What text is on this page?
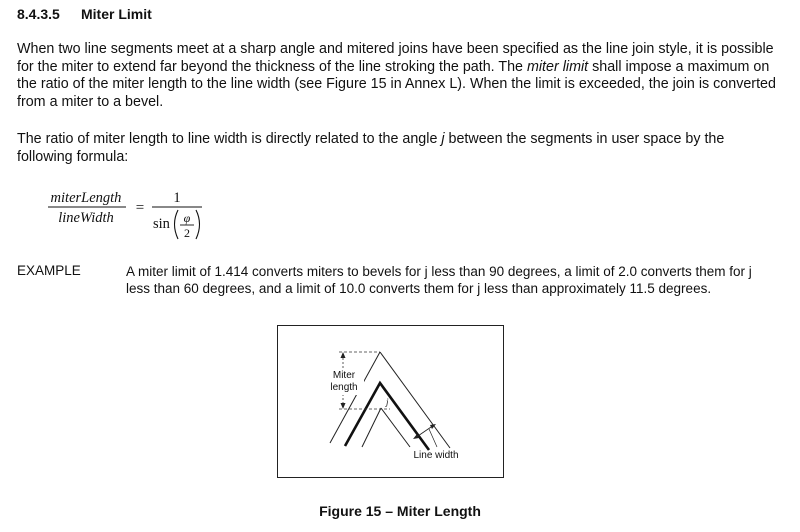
8.4.3.5 Miter Limit
When two line segments meet at a sharp angle and mitered joins have been specified as the line join style, it is possible for the miter to extend far beyond the thickness of the line stroking the path. The miter limit shall impose a maximum on the ratio of the miter length to the line width (see Figure 15 in Annex L). When the limit is exceeded, the join is converted from a miter to a bevel.
The ratio of miter length to line width is directly related to the angle j between the segments in user space by the following formula:
miterLength
lineWidth
=
1
sin φ
2
EXAMPLE	A miter limit of 1.414 converts miters to bevels for j less than 90 degrees, a limit of 2.0 converts them for j less than 60 degrees, and a limit of 10.0 converts them for j less than approximately 11.5 degrees.
Miter
length
j
Line width
Figure 15 – Miter Length
